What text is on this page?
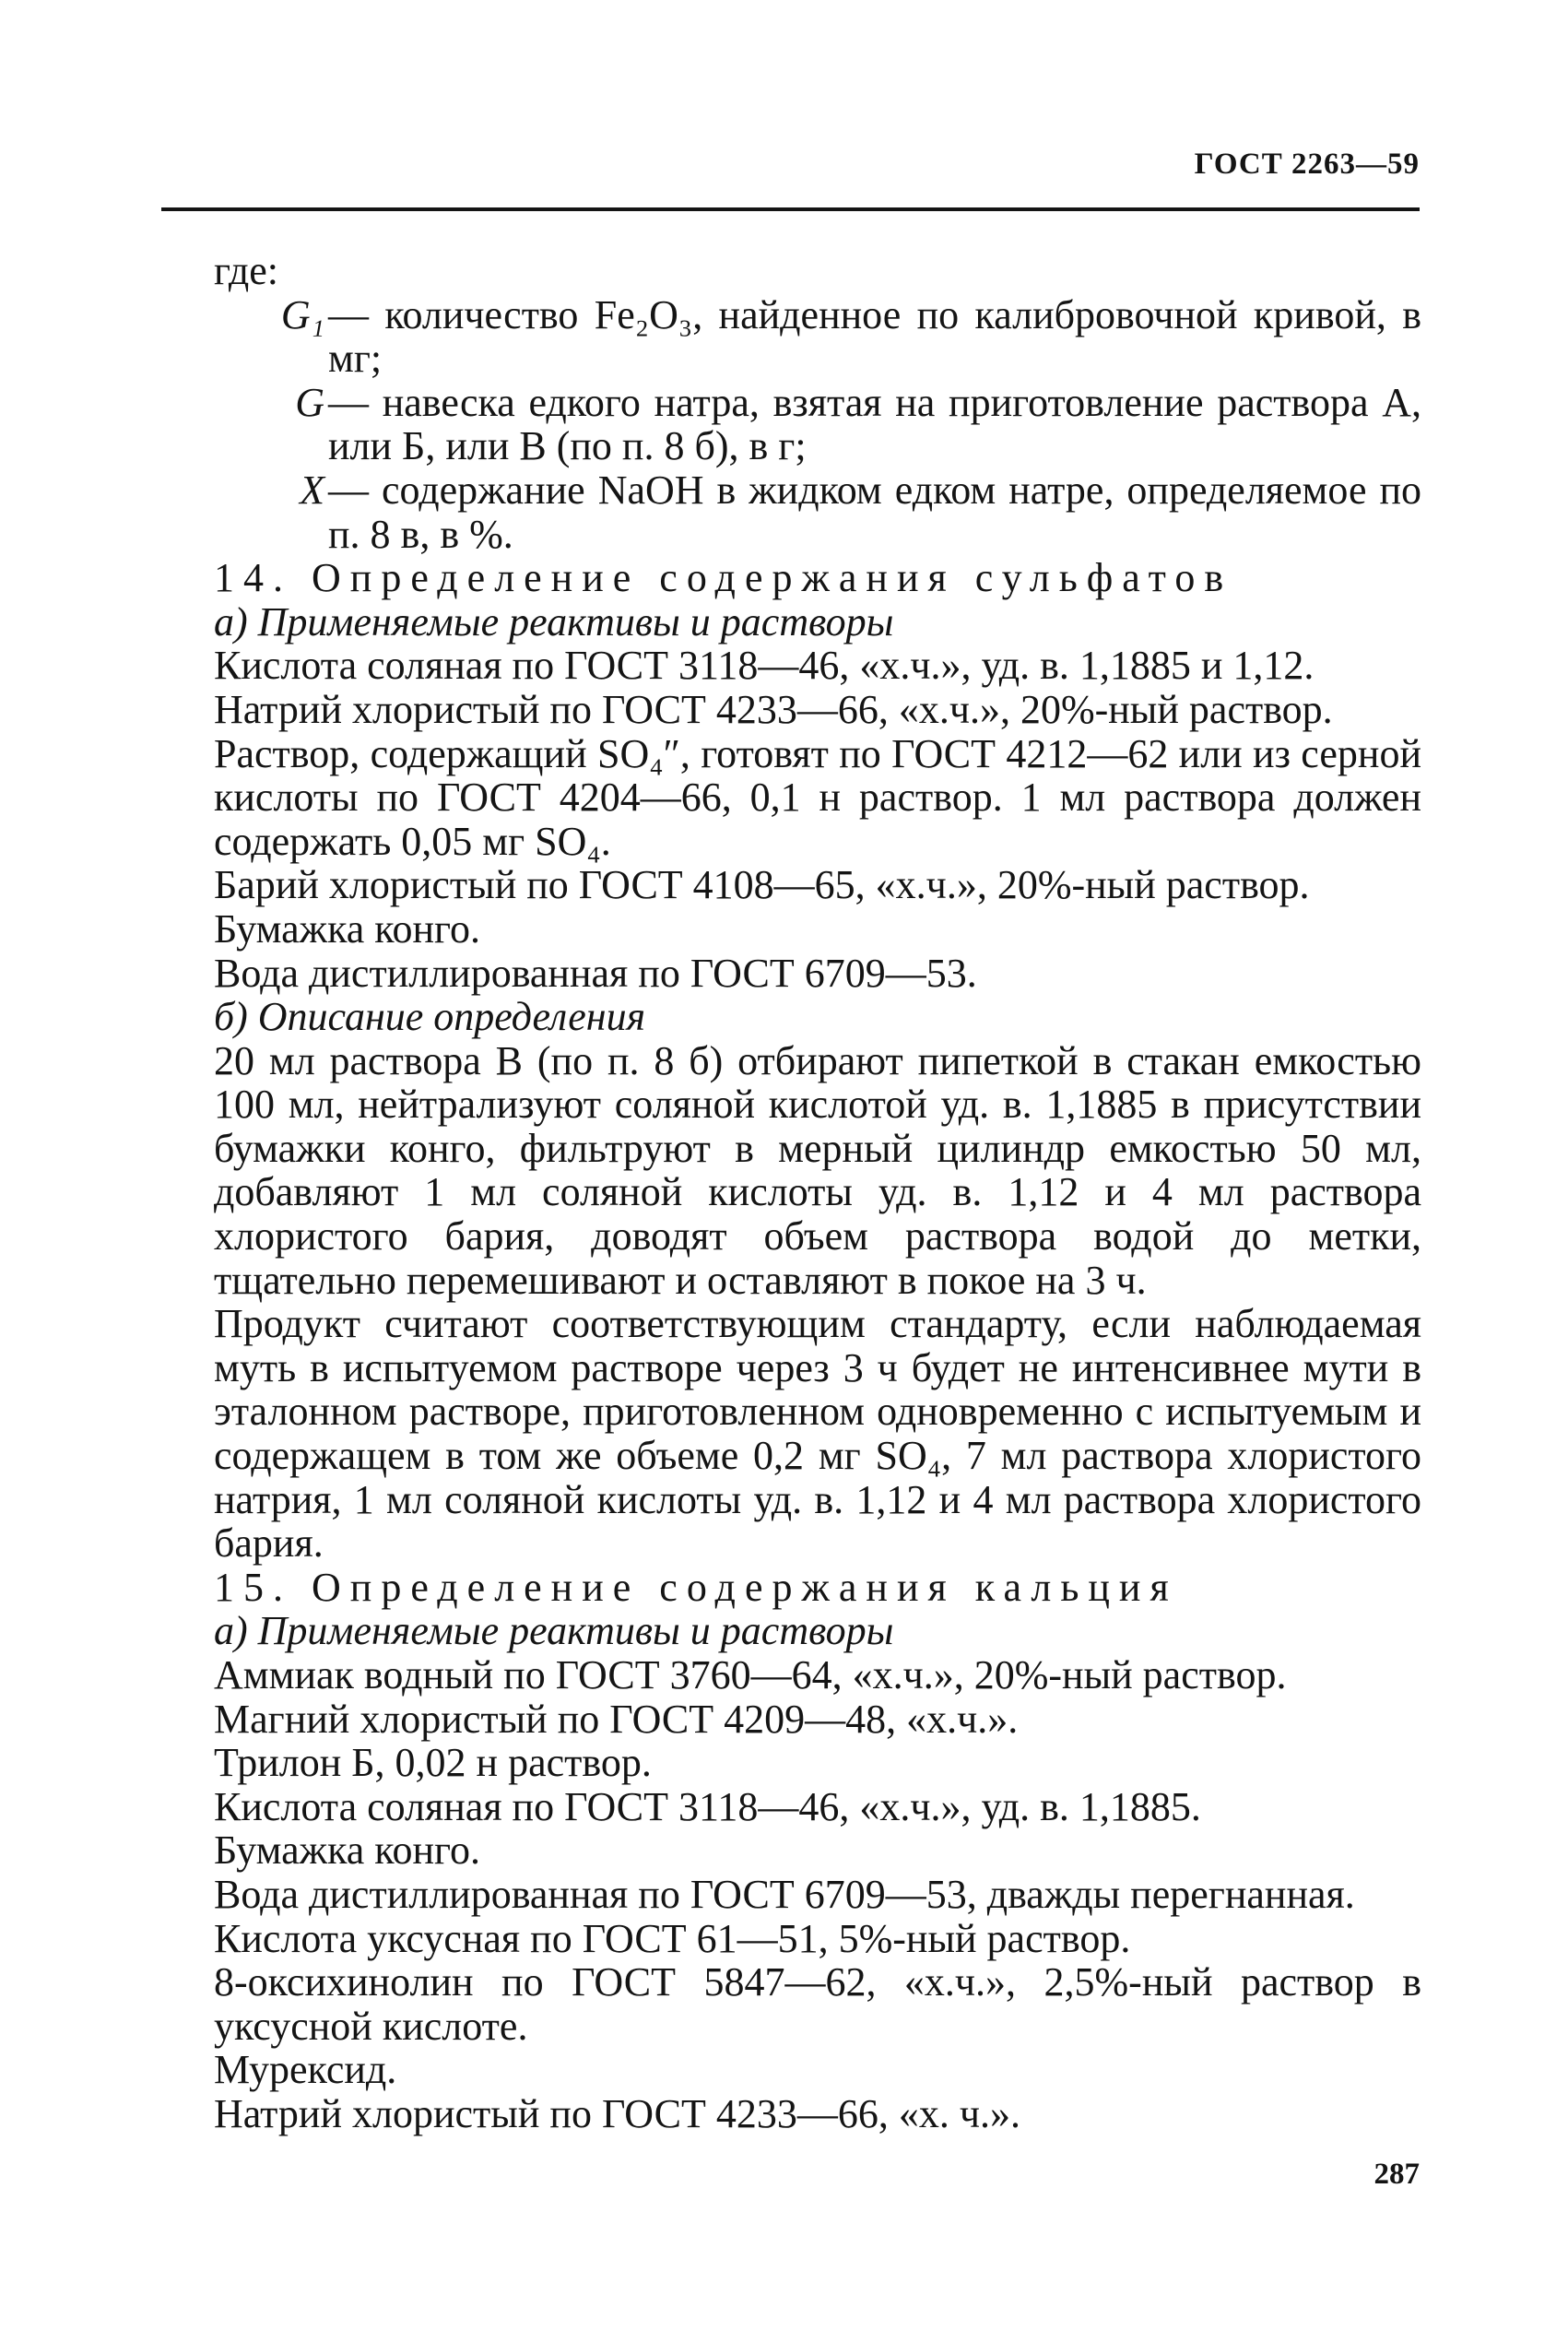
ГОСТ 2263—59

где:

G₁ — количество Fe₂O₃, найденное по калибровочной кривой, в мг;
G — навеска едкого натра, взятая на приготовление раствора А, или Б, или В (по п. 8 б), в г;
X — содержание NaOH в жидком едком натре, определяемое по п. 8 в, в %.

14. Определение содержания сульфатов

а) Применяемые реактивы и растворы

Кислота соляная по ГОСТ 3118—46, «х.ч.», уд. в. 1,1885 и 1,12.

Натрий хлористый по ГОСТ 4233—66, «х.ч.», 20%-ный раствор.

Раствор, содержащий SO₄″, готовят по ГОСТ 4212—62 или из серной кислоты по ГОСТ 4204—66, 0,1 н раствор. 1 мл раствора должен содержать 0,05 мг SO₄.

Барий хлористый по ГОСТ 4108—65, «х.ч.», 20%-ный раствор.

Бумажка конго.

Вода дистиллированная по ГОСТ 6709—53.

б) Описание определения

20 мл раствора В (по п. 8 б) отбирают пипеткой в стакан емкостью 100 мл, нейтрализуют соляной кислотой уд. в. 1,1885 в присутствии бумажки конго, фильтруют в мерный цилиндр емкостью 50 мл, добавляют 1 мл соляной кислоты уд. в. 1,12 и 4 мл раствора хлористого бария, доводят объем раствора водой до метки, тщательно перемешивают и оставляют в покое на 3 ч.

Продукт считают соответствующим стандарту, если наблюдаемая муть в испытуемом растворе через 3 ч будет не интенсивнее мути в эталонном растворе, приготовленном одновременно с испытуемым и содержащем в том же объеме 0,2 мг SO₄, 7 мл раствора хлористого натрия, 1 мл соляной кислоты уд. в. 1,12 и 4 мл раствора хлористого бария.

15. Определение содержания кальция

а) Применяемые реактивы и растворы

Аммиак водный по ГОСТ 3760—64, «х.ч.», 20%-ный раствор.

Магний хлористый по ГОСТ 4209—48, «х.ч.».

Трилон Б, 0,02 н раствор.

Кислота соляная по ГОСТ 3118—46, «х.ч.», уд. в. 1,1885.

Бумажка конго.

Вода дистиллированная по ГОСТ 6709—53, дважды перегнанная.

Кислота уксусная по ГОСТ 61—51, 5%-ный раствор.

8-оксихинолин по ГОСТ 5847—62, «х.ч.», 2,5%-ный раствор в уксусной кислоте.

Мурексид.

Натрий хлористый по ГОСТ 4233—66, «х. ч.».

287
